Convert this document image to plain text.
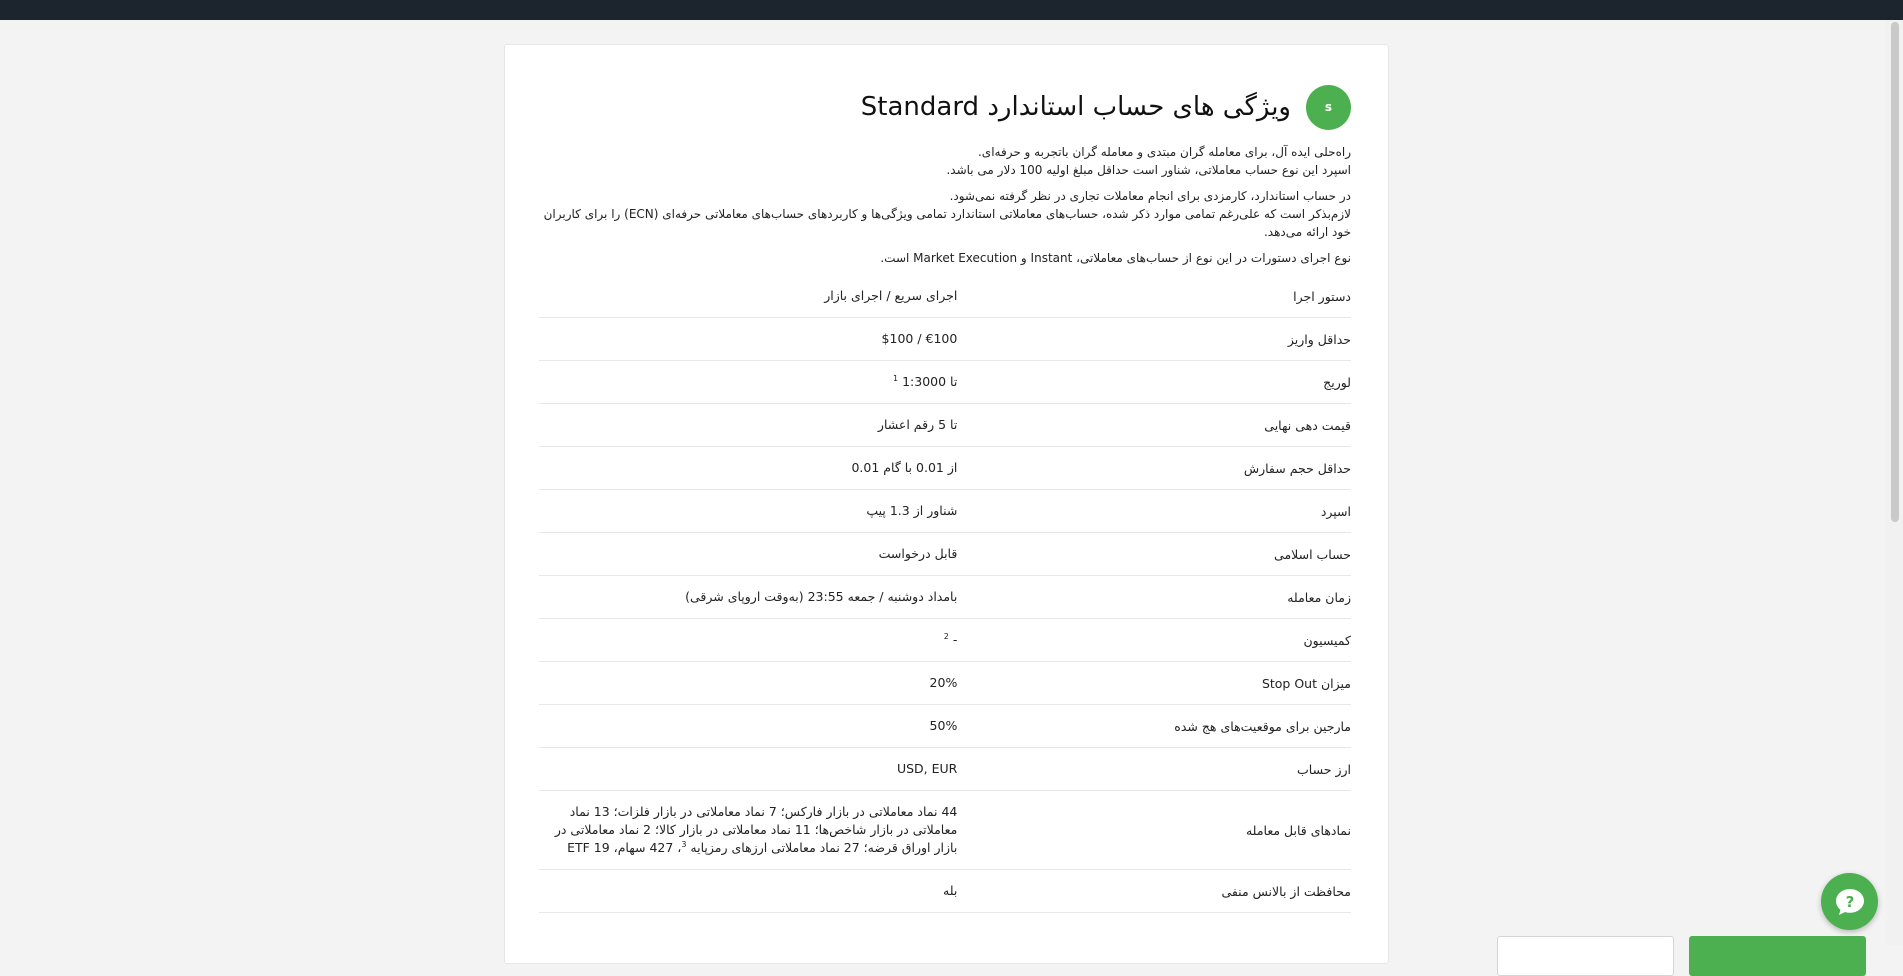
s
ویژگی های حساب استاندارد Standard

راه‌حلی ایده آل، برای معامله گران مبتدی و معامله گران باتجربه و حرفه‌ای.

اسپرد این نوع حساب معاملاتی، شناور است حداقل مبلغ اولیه 100 دلار می باشد.

در حساب استاندارد، کارمزدی برای انجام معاملات تجاری در نظر گرفته نمی‌شود.

لازم‌بذکر است که علی‌رغم تمامی موارد ذکر شده، حساب‌های معاملاتی استاندارد تمامی ویژگی‌ها و کاربردهای حساب‌های معاملاتی حرفه‌ای (ECN) را برای کاربران خود ارائه می‌دهد.

نوع اجرای دستورات در این نوع از حساب‌های معاملاتی، Instant و Market Execution است.

دستور اجرا	اجرای سریع / اجرای بازار

حداقل واریز	€100 / $100

لوریج	تا 1:3000 $^1$

قیمت دهی نهایی	تا 5 رقم اعشار

حداقل حجم سفارش	از 0.01 با گام 0.01

اسپرد	شناور از 1.3 پیپ

حساب اسلامی	قابل درخواست

زمان معامله	بامداد دوشنبه / جمعه 23:55 (به‌وقت اروپای شرقی)

کمیسیون	- $^2$

میزان Stop Out	20%

مارجین برای موقعیت‌های هج شده	50%

ارز حساب	USD, EUR

نمادهای قابل معامله	44 نماد معاملاتی در بازار فارکس؛ 7 نماد معاملاتی در بازار فلزات؛ 13 نماد معاملاتی در بازار شاخص‌ها؛ 11 نماد معاملاتی در بازار کالا؛ 2 نماد معاملاتی در بازار اوراق قرضه؛ 27 نماد معاملاتی ارزهای رمزپایه $^3$، 427 سهام، 19 ETF

محافظت از بالانس منفی	بله
?
